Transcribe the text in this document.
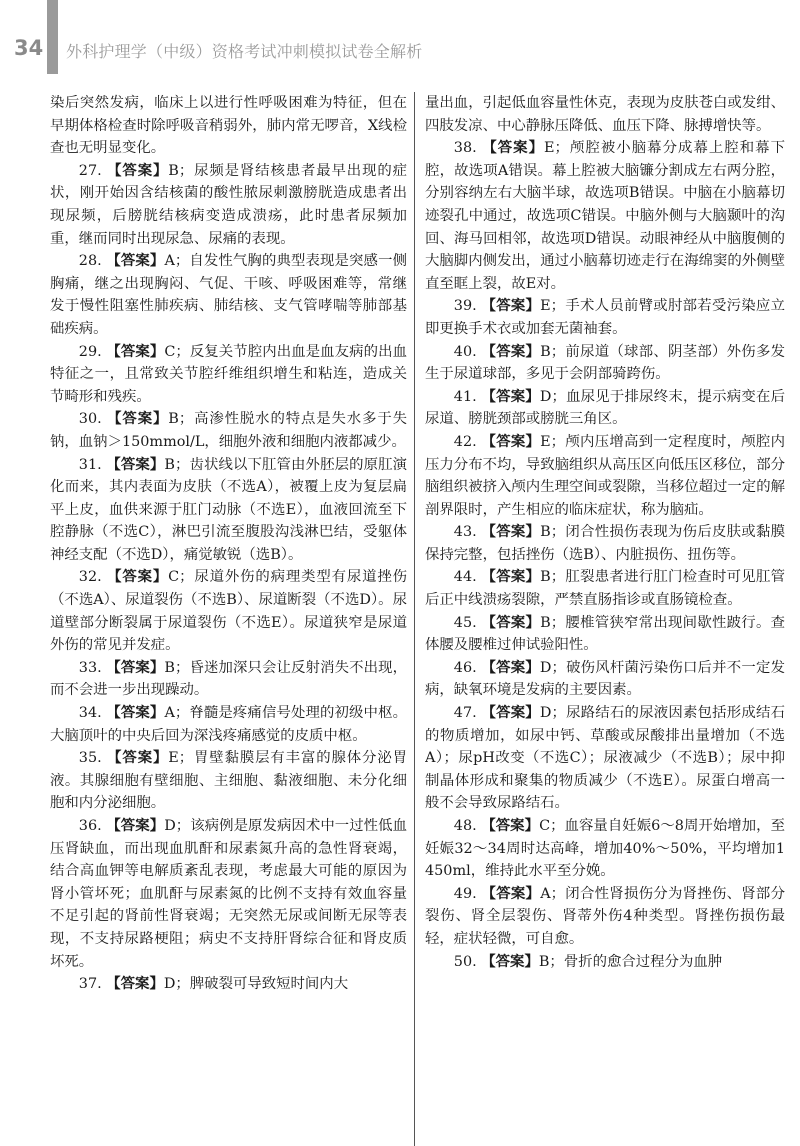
34 外科护理学（中级）资格考试冲刺模拟试卷全解析

染后突然发病，临床上以进行性呼吸困难为特征，但在早期体格检查时除呼吸音稍弱外，肺内常无啰音，X线检查也无明显变化。

27. 【答案】B；尿频是肾结核患者最早出现的症状，刚开始因含结核菌的酸性脓尿刺激膀胱造成患者出现尿频，后膀胱结核病变造成溃疡，此时患者尿频加重，继而同时出现尿急、尿痛的表现。

28. 【答案】A；自发性气胸的典型表现是突感一侧胸痛，继之出现胸闷、气促、干咳、呼吸困难等，常继发于慢性阻塞性肺疾病、肺结核、支气管哮喘等肺部基础疾病。

29. 【答案】C；反复关节腔内出血是血友病的出血特征之一，且常致关节腔纤维组织增生和粘连，造成关节畸形和残疾。

30. 【答案】B；高渗性脱水的特点是失水多于失钠，血钠＞150mmol/L，细胞外液和细胞内液都减少。

31. 【答案】B；齿状线以下肛管由外胚层的原肛演化而来，其内表面为皮肤（不选A），被覆上皮为复层扁平上皮，血供来源于肛门动脉（不选E），血液回流至下腔静脉（不选C），淋巴引流至腹股沟浅淋巴结，受躯体神经支配（不选D），痛觉敏锐（选B）。

32. 【答案】C；尿道外伤的病理类型有尿道挫伤（不选A）、尿道裂伤（不选B）、尿道断裂（不选D）。尿道壁部分断裂属于尿道裂伤（不选E）。尿道狭窄是尿道外伤的常见并发症。

33. 【答案】B；昏迷加深只会让反射消失不出现，而不会进一步出现躁动。

34. 【答案】A；脊髓是疼痛信号处理的初级中枢。大脑顶叶的中央后回为深浅疼痛感觉的皮质中枢。

35. 【答案】E；胃壁黏膜层有丰富的腺体分泌胃液。其腺细胞有壁细胞、主细胞、黏液细胞、未分化细胞和内分泌细胞。

36. 【答案】D；该病例是原发病因术中一过性低血压肾缺血，而出现血肌酐和尿素氮升高的急性肾衰竭，结合高血钾等电解质紊乱表现，考虑最大可能的原因为肾小管坏死；血肌酐与尿素氮的比例不支持有效血容量不足引起的肾前性肾衰竭；无突然无尿或间断无尿等表现，不支持尿路梗阻；病史不支持肝肾综合征和肾皮质坏死。

37. 【答案】D；脾破裂可导致短时间内大

量出血，引起低血容量性休克，表现为皮肤苍白或发绀、四肢发凉、中心静脉压降低、血压下降、脉搏增快等。

38. 【答案】E；颅腔被小脑幕分成幕上腔和幕下腔，故选项A错误。幕上腔被大脑镰分割成左右两分腔，分别容纳左右大脑半球，故选项B错误。中脑在小脑幕切迹裂孔中通过，故选项C错误。中脑外侧与大脑颞叶的沟回、海马回相邻，故选项D错误。动眼神经从中脑腹侧的大脑脚内侧发出，通过小脑幕切迹走行在海绵窦的外侧壁直至眶上裂，故E对。

39. 【答案】E；手术人员前臂或肘部若受污染应立即更换手术衣或加套无菌袖套。

40. 【答案】B；前尿道（球部、阴茎部）外伤多发生于尿道球部，多见于会阴部骑跨伤。

41. 【答案】D；血尿见于排尿终末，提示病变在后尿道、膀胱颈部或膀胱三角区。

42. 【答案】E；颅内压增高到一定程度时，颅腔内压力分布不均，导致脑组织从高压区向低压区移位，部分脑组织被挤入颅内生理空间或裂隙，当移位超过一定的解剖界限时，产生相应的临床症状，称为脑疝。

43. 【答案】B；闭合性损伤表现为伤后皮肤或黏膜保持完整，包括挫伤（选B）、内脏损伤、扭伤等。

44. 【答案】B；肛裂患者进行肛门检查时可见肛管后正中线溃疡裂隙，严禁直肠指诊或直肠镜检查。

45. 【答案】B；腰椎管狭窄常出现间歇性跛行。查体腰及腰椎过伸试验阳性。

46. 【答案】D；破伤风杆菌污染伤口后并不一定发病，缺氧环境是发病的主要因素。

47. 【答案】D；尿路结石的尿液因素包括形成结石的物质增加，如尿中钙、草酸或尿酸排出量增加（不选A）；尿pH改变（不选C）；尿液减少（不选B）；尿中抑制晶体形成和聚集的物质减少（不选E）。尿蛋白增高一般不会导致尿路结石。

48. 【答案】C；血容量自妊娠6～8周开始增加，至妊娠32～34周时达高峰，增加40%～50%，平均增加1450ml，维持此水平至分娩。

49. 【答案】A；闭合性肾损伤分为肾挫伤、肾部分裂伤、肾全层裂伤、肾蒂外伤4种类型。肾挫伤损伤最轻，症状轻微，可自愈。

50. 【答案】B；骨折的愈合过程分为血肿
